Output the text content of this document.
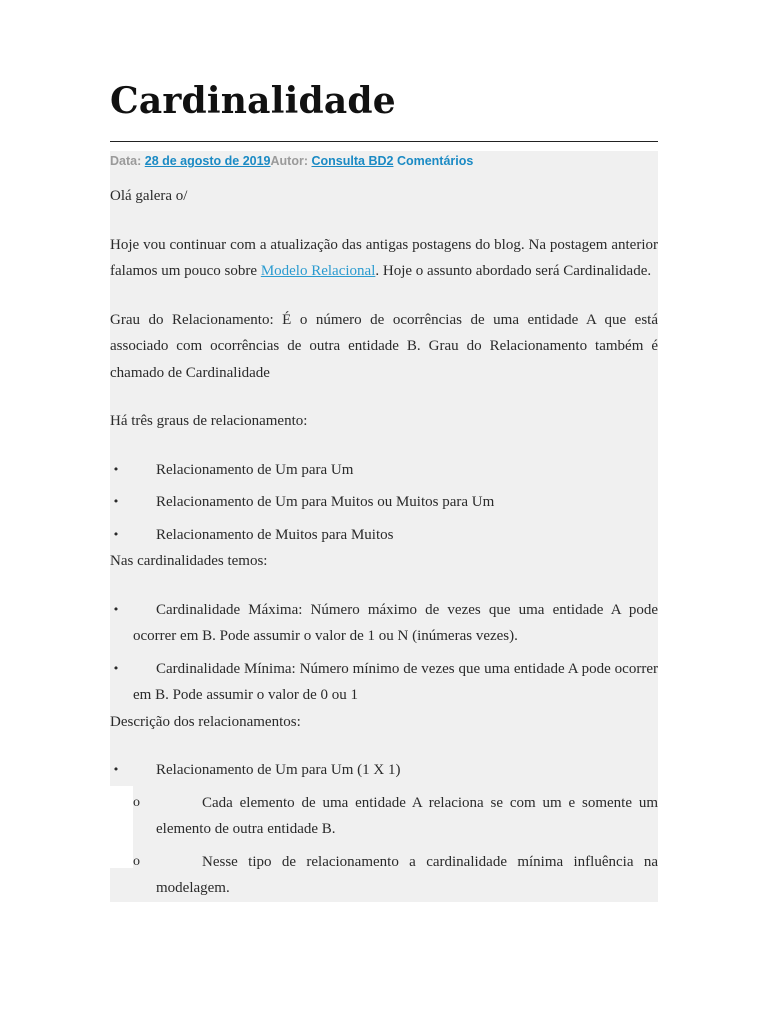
Cardinalidade
Data: 28 de agosto de 2019Autor: Consulta BD2 Comentários

Olá galera o/

Hoje vou continuar com a atualização das antigas postagens do blog. Na postagem anterior falamos um pouco sobre Modelo Relacional. Hoje o assunto abordado será Cardinalidade.

Grau do Relacionamento: É o número de ocorrências de uma entidade A que está associado com ocorrências de outra entidade B. Grau do Relacionamento também é chamado de Cardinalidade

Há três graus de relacionamento:

• Relacionamento de Um para Um
• Relacionamento de Um para Muitos ou Muitos para Um
• Relacionamento de Muitos para Muitos

Nas cardinalidades temos:

• Cardinalidade Máxima: Número máximo de vezes que uma entidade A pode ocorrer em B. Pode assumir o valor de 1 ou N (inúmeras vezes).
• Cardinalidade Mínima: Número mínimo de vezes que uma entidade A pode ocorrer em B. Pode assumir o valor de 0 ou 1

Descrição dos relacionamentos:

• Relacionamento de Um para Um (1 X 1)
o	Cada elemento de uma entidade A relaciona se com um e somente um elemento de outra entidade B.
o	Nesse tipo de relacionamento a cardinalidade mínima influência na modelagem.
